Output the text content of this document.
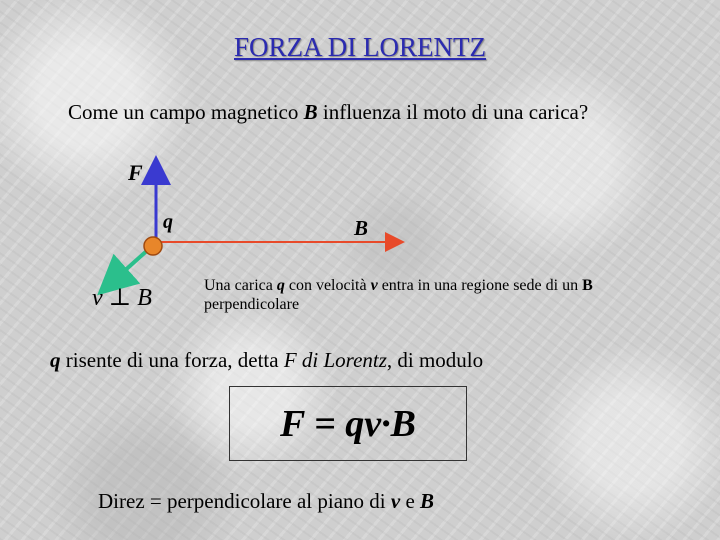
FORZA DI LORENTZ
Come un campo magnetico B influenza il moto di una carica?
F
q	B
v ⊥ B	Una carica q con velocità v entra in una regione sede di un B perpendicolare
q risente di una forza, detta F di Lorentz, di modulo
F = qv·B
Direz = perpendicolare al piano di v e B
